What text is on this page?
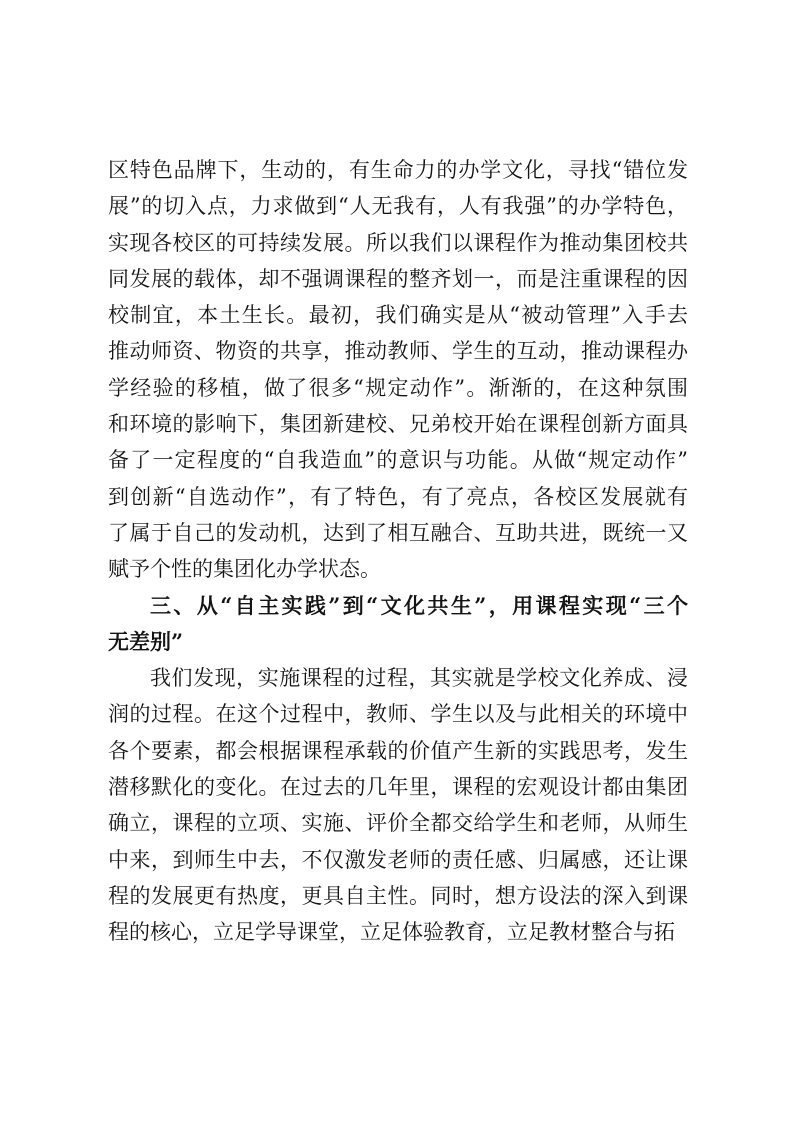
区特色品牌下，生动的，有生命力的办学文化，寻找“错位发
展”的切入点，力求做到“人无我有，人有我强”的办学特色，
实现各校区的可持续发展。所以我们以课程作为推动集团校共
同发展的载体，却不强调课程的整齐划一，而是注重课程的因
校制宜，本土生长。最初，我们确实是从“被动管理”入手去
推动师资、物资的共享，推动教师、学生的互动，推动课程办
学经验的移植，做了很多“规定动作”。渐渐的，在这种氛围
和环境的影响下，集团新建校、兄弟校开始在课程创新方面具
备了一定程度的“自我造血”的意识与功能。从做“规定动作”
到创新“自选动作”，有了特色，有了亮点，各校区发展就有
了属于自己的发动机，达到了相互融合、互助共进，既统一又
赋予个性的集团化办学状态。
三、从“自主实践”到“文化共生”，用课程实现“三个
无差别”
我们发现，实施课程的过程，其实就是学校文化养成、浸
润的过程。在这个过程中，教师、学生以及与此相关的环境中
各个要素，都会根据课程承载的价值产生新的实践思考，发生
潜移默化的变化。在过去的几年里，课程的宏观设计都由集团
确立，课程的立项、实施、评价全都交给学生和老师，从师生
中来，到师生中去，不仅激发老师的责任感、归属感，还让课
程的发展更有热度，更具自主性。同时，想方设法的深入到课
程的核心，立足学导课堂，立足体验教育，立足教材整合与拓
